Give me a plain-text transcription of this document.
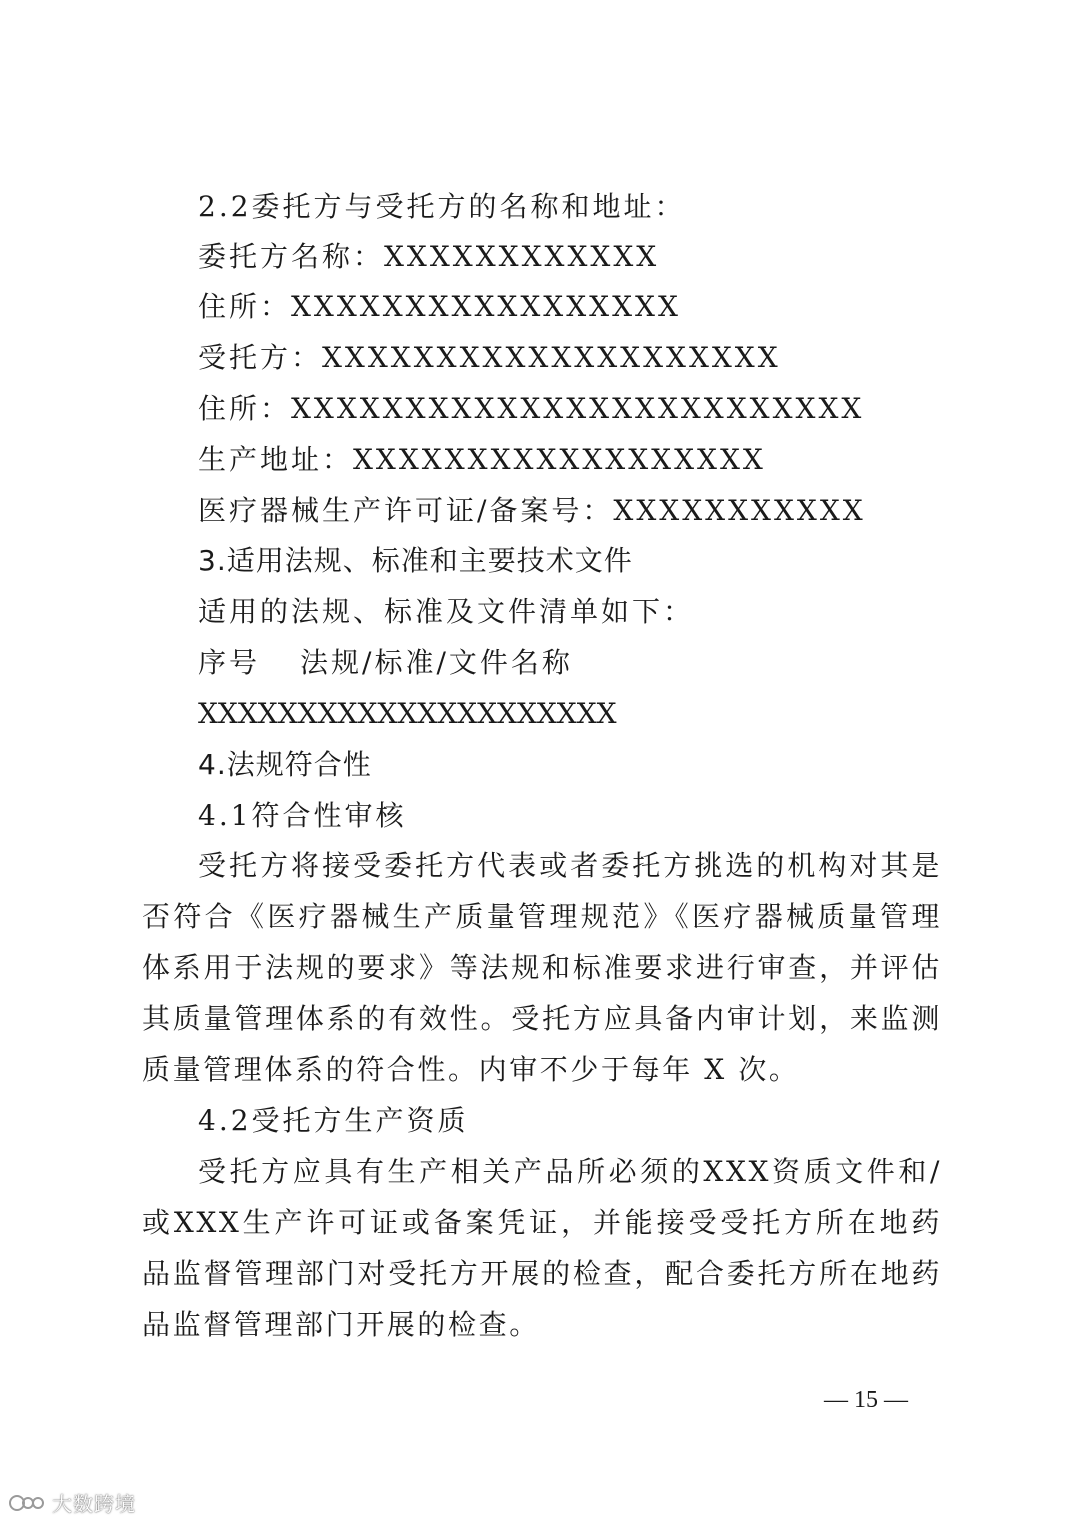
2.2委托方与受托方的名称和地址：
委托方名称：XXXXXXXXXXXX
住所：XXXXXXXXXXXXXXXXX
受托方：XXXXXXXXXXXXXXXXXXXX
住所：XXXXXXXXXXXXXXXXXXXXXXXXX
生产地址：XXXXXXXXXXXXXXXXXX
医疗器械生产许可证/备案号：XXXXXXXXXXX
3.适用法规、标准和主要技术文件
适用的法规、标准及文件清单如下：
序号 法规/标准/文件名称
XXXXXXXXXXXXXXXXXXXXX
4.法规符合性
4.1符合性审核

受托方将接受委托方代表或者委托方挑选的机构对其是否符合《医疗器械生产质量管理规范》《医疗器械质量管理体系用于法规的要求》等法规和标准要求进行审查，并评估其质量管理体系的有效性。受托方应具备内审计划，来监测质量管理体系的符合性。内审不少于每年 X 次。

4.2受托方生产资质

受托方应具有生产相关产品所必须的XXX资质文件和/或XXX生产许可证或备案凭证，并能接受受托方所在地药品监督管理部门对受托方开展的检查，配合委托方所在地药品监督管理部门开展的检查。

— 15 —
大数跨境
